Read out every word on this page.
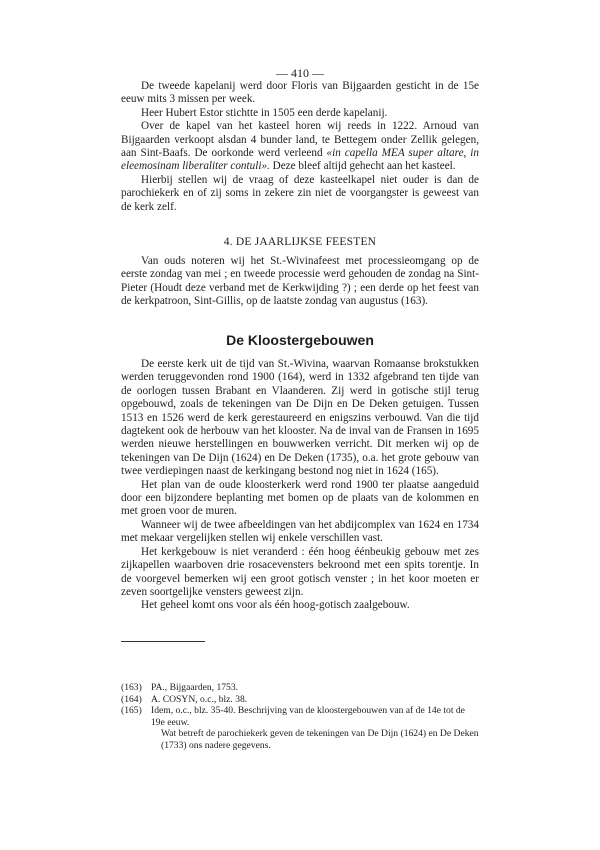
— 410 —

De tweede kapelanij werd door Floris van Bijgaarden gesticht in de 15e eeuw mits 3 missen per week.

Heer Hubert Estor stichtte in 1505 een derde kapelanij.

Over de kapel van het kasteel horen wij reeds in 1222. Arnoud van Bijgaarden verkoopt alsdan 4 bunder land, te Bettegem onder Zellik gelegen, aan Sint-Baafs. De oorkonde werd verleend «in capella MEA super altare, in eleemosinam liberaliter contuli». Deze bleef altijd gehecht aan het kasteel.

Hierbij stellen wij de vraag of deze kasteelkapel niet ouder is dan de parochiekerk en of zij soms in zekere zin niet de voorgangster is geweest van de kerk zelf.

4. DE JAARLIJKSE FEESTEN

Van ouds noteren wij het St.-Wivinafeest met processieomgang op de eerste zondag van mei ; en tweede processie werd gehouden de zondag na Sint-Pieter (Houdt deze verband met de Kerkwijding ?) ; een derde op het feest van de kerkpatroon, Sint-Gillis, op de laatste zondag van augustus (163).

De Kloostergebouwen

De eerste kerk uit de tijd van St.-Wivina, waarvan Romaanse brokstukken werden teruggevonden rond 1900 (164), werd in 1332 afgebrand ten tijde van de oorlogen tussen Brabant en Vlaanderen. Zij werd in gotische stijl terug opgebouwd, zoals de tekeningen van De Dijn en De Deken getuigen. Tussen 1513 en 1526 werd de kerk gerestaureerd en enigszins verbouwd. Van die tijd dagtekent ook de herbouw van het klooster. Na de inval van de Fransen in 1695 werden nieuwe herstellingen en bouwwerken verricht. Dit merken wij op de tekeningen van De Dijn (1624) en De Deken (1735), o.a. het grote gebouw van twee verdiepingen naast de kerkingang bestond nog niet in 1624 (165).

Het plan van de oude kloosterkerk werd rond 1900 ter plaatse aangeduid door een bijzondere beplanting met bomen op de plaats van de kolommen en met groen voor de muren.

Wanneer wij de twee afbeeldingen van het abdijcomplex van 1624 en 1734 met mekaar vergelijken stellen wij enkele verschillen vast.

Het kerkgebouw is niet veranderd : één hoog éénbeukig gebouw met zes zijkapellen waarboven drie rosacevensters bekroond met een spits torentje. In de voorgevel bemerken wij een groot gotisch venster ; in het koor moeten er zeven soortgelijke vensters geweest zijn.

Het geheel komt ons voor als één hoog-gotisch zaalgebouw.

(163) PA., Bijgaarden, 1753.
(164) A. COSYN, o.c., blz. 38.
(165) Idem, o.c., blz. 35-40. Beschrijving van de kloostergebouwen van af de 14e tot de 19e eeuw.
Wat betreft de parochiekerk geven de tekeningen van De Dijn (1624) en De Deken (1733) ons nadere gegevens.
